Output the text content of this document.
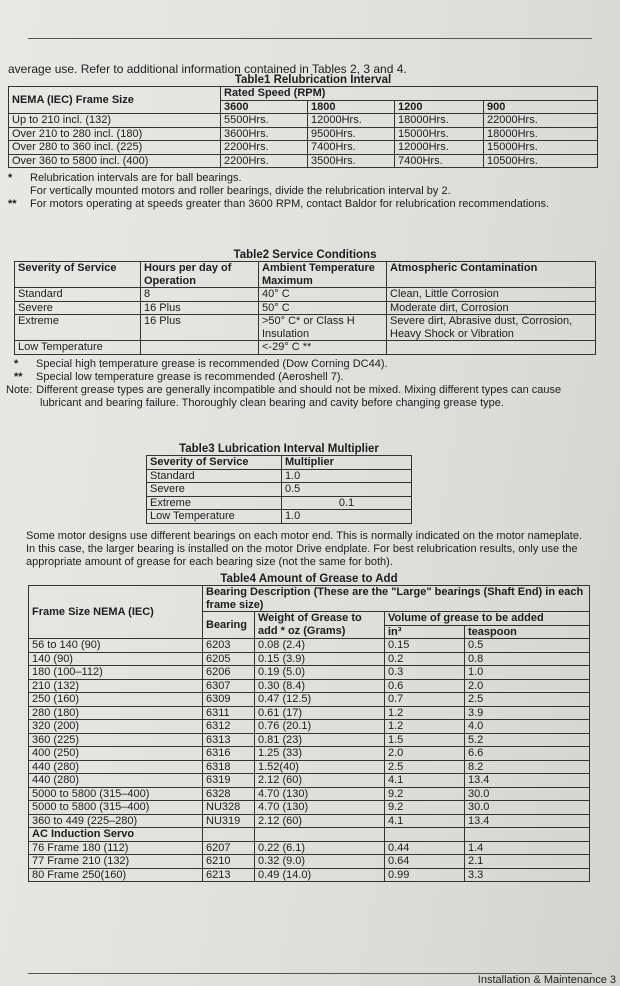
average use. Refer to additional information contained in Tables 2, 3 and 4.
Table1 Relubrication Interval
NEMA (IEC) Frame Size	Rated Speed (RPM)			
	3600	1800	1200	900
Up to 210 incl. (132)	5500Hrs.	12000Hrs.	18000Hrs.	22000Hrs.
Over 210 to 280 incl. (180)	3600Hrs.	9500Hrs.	15000Hrs.	18000Hrs.
Over 280 to 360 incl. (225)	2200Hrs.	7400Hrs.	12000Hrs.	15000Hrs.
Over 360 to 5800 incl. (400)	2200Hrs.	3500Hrs.	7400Hrs.	10500Hrs.
* Relubrication intervals are for ball bearings.
For vertically mounted motors and roller bearings, divide the relubrication interval by 2.
** For motors operating at speeds greater than 3600 RPM, contact Baldor for relubrication recommendations.
Table2 Service Conditions
Severity of Service	Hours per day of Operation	Ambient Temperature Maximum	Atmospheric Contamination
Standard	8	40° C	Clean, Little Corrosion
Severe	16 Plus	50° C	Moderate dirt, Corrosion
Extreme	16 Plus	>50° C* or Class H Insulation	Severe dirt, Abrasive dust, Corrosion, Heavy Shock or Vibration
Low Temperature		<-29° C **	
* Special high temperature grease is recommended (Dow Corning DC44).
** Special low temperature grease is recommended (Aeroshell 7).
Note: Different grease types are generally incompatible and should not be mixed. Mixing different types can cause lubricant and bearing failure. Thoroughly clean bearing and cavity before changing grease type.
Table3 Lubrication Interval Multiplier
Severity of Service	Multiplier
Standard	1.0
Severe	0.5
Extreme	0.1
Low Temperature	1.0
Some motor designs use different bearings on each motor end. This is normally indicated on the motor nameplate. In this case, the larger bearing is installed on the motor Drive endplate. For best relubrication results, only use the appropriate amount of grease for each bearing size (not the same for both).
Table4 Amount of Grease to Add
Frame Size NEMA (IEC)	Bearing Description (These are the "Large" bearings (Shaft End) in each frame size)			
	Bearing	Weight of Grease to add * oz (Grams)	Volume of grease to be added	
			in³	teaspoon
56 to 140 (90)	6203	0.08 (2.4)	0.15	0.5
140 (90)	6205	0.15 (3.9)	0.2	0.8
180 (100–112)	6206	0.19 (5.0)	0.3	1.0
210 (132)	6307	0.30 (8.4)	0.6	2.0
250 (160)	6309	0.47 (12.5)	0.7	2.5
280 (180)	6311	0.61 (17)	1.2	3.9
320 (200)	6312	0.76 (20.1)	1.2	4.0
360 (225)	6313	0.81 (23)	1.5	5.2
400 (250)	6316	1.25 (33)	2.0	6.6
440 (280)	6318	1.52(40)	2.5	8.2
440 (280)	6319	2.12 (60)	4.1	13.4
5000 to 5800 (315–400)	6328	4.70 (130)	9.2	30.0
5000 to 5800 (315–400)	NU328	4.70 (130)	9.2	30.0
360 to 449 (225–280)	NU319	2.12 (60)	4.1	13.4
AC Induction Servo				
76 Frame 180 (112)	6207	0.22 (6.1)	0.44	1.4
77 Frame 210 (132)	6210	0.32 (9.0)	0.64	2.1
80 Frame 250(160)	6213	0.49 (14.0)	0.99	3.3
Installation & Maintenance 3
